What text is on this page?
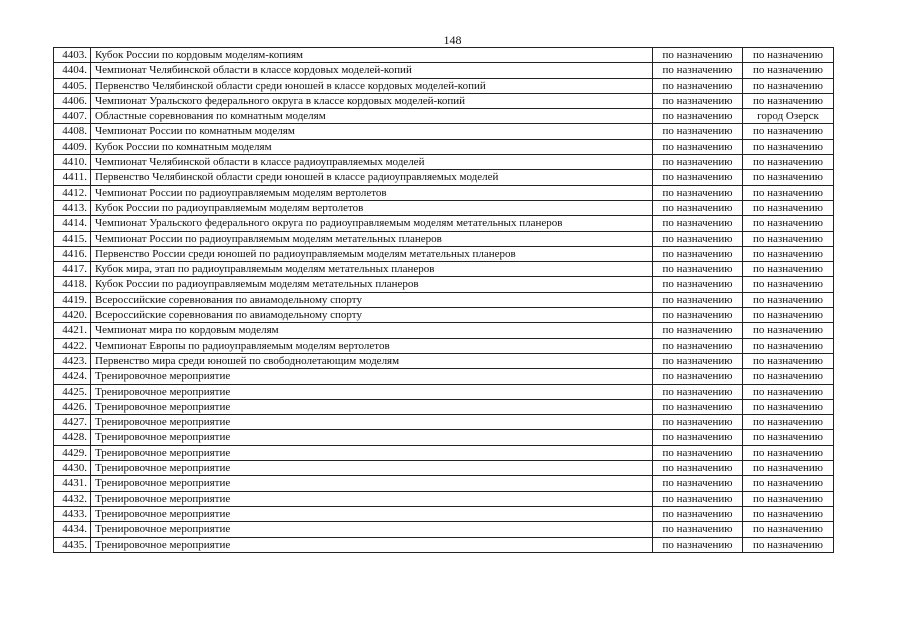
148
4403.	Кубок России по кордовым моделям-копиям	по назначению	по назначению
4404.	Чемпионат Челябинской области в классе кордовых моделей-копий	по назначению	по назначению
4405.	Первенство Челябинской области среди юношей в классе кордовых моделей-копий	по назначению	по назначению
4406.	Чемпионат Уральского федерального округа в классе кордовых моделей-копий	по назначению	по назначению
4407.	Областные соревнования по комнатным моделям	по назначению	город Озерск
4408.	Чемпионат России по комнатным моделям	по назначению	по назначению
4409.	Кубок России по комнатным моделям	по назначению	по назначению
4410.	Чемпионат Челябинской области в классе радиоуправляемых моделей	по назначению	по назначению
4411.	Первенство Челябинской области среди юношей в классе радиоуправляемых моделей	по назначению	по назначению
4412.	Чемпионат России по радиоуправляемым моделям вертолетов	по назначению	по назначению
4413.	Кубок России по радиоуправляемым моделям вертолетов	по назначению	по назначению
4414.	Чемпионат Уральского федерального округа по радиоуправляемым моделям метательных планеров	по назначению	по назначению
4415.	Чемпионат России по радиоуправляемым моделям метательных планеров	по назначению	по назначению
4416.	Первенство России среди юношей по радиоуправляемым моделям метательных планеров	по назначению	по назначению
4417.	Кубок мира, этап по радиоуправляемым моделям метательных планеров	по назначению	по назначению
4418.	Кубок России по радиоуправляемым моделям метательных планеров	по назначению	по назначению
4419.	Всероссийские соревнования по авиамодельному спорту	по назначению	по назначению
4420.	Всероссийские соревнования по авиамодельному спорту	по назначению	по назначению
4421.	Чемпионат мира по кордовым моделям	по назначению	по назначению
4422.	Чемпионат Европы по радиоуправляемым моделям вертолетов	по назначению	по назначению
4423.	Первенство мира среди юношей по свободнолетающим моделям	по назначению	по назначению
4424.	Тренировочное мероприятие	по назначению	по назначению
4425.	Тренировочное мероприятие	по назначению	по назначению
4426.	Тренировочное мероприятие	по назначению	по назначению
4427.	Тренировочное мероприятие	по назначению	по назначению
4428.	Тренировочное мероприятие	по назначению	по назначению
4429.	Тренировочное мероприятие	по назначению	по назначению
4430.	Тренировочное мероприятие	по назначению	по назначению
4431.	Тренировочное мероприятие	по назначению	по назначению
4432.	Тренировочное мероприятие	по назначению	по назначению
4433.	Тренировочное мероприятие	по назначению	по назначению
4434.	Тренировочное мероприятие	по назначению	по назначению
4435.	Тренировочное мероприятие	по назначению	по назначению
